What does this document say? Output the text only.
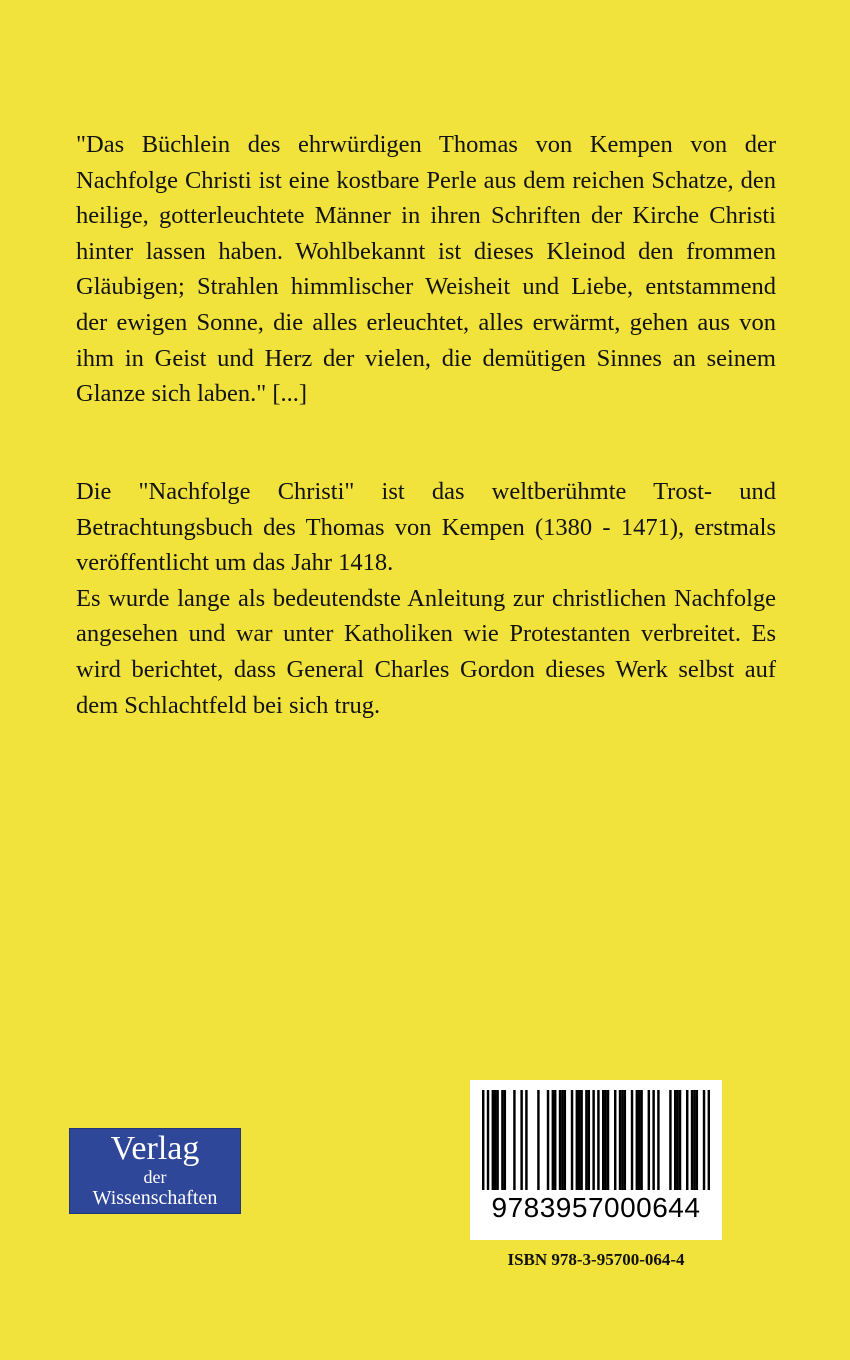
"Das Büchlein des ehrwürdigen Thomas von Kempen von der Nachfolge Christi ist eine kostbare Perle aus dem reichen Schatze, den heilige, gotterleuchtete Männer in ihren Schriften der Kirche Christi hinter lassen haben. Wohlbekannt ist dieses Kleinod den frommen Gläubigen; Strahlen himmlischer Weisheit und Liebe, entstammend der ewigen Sonne, die alles erleuchtet, alles erwärmt, gehen aus von ihm in Geist und Herz der vielen, die demütigen Sinnes an seinem Glanze sich laben." [...]

Die "Nachfolge Christi" ist das weltberühmte Trost- und Betrachtungsbuch des Thomas von Kempen (1380 - 1471), erstmals veröffentlicht um das Jahr 1418.

Es wurde lange als bedeutendste Anleitung zur christlichen Nachfolge angesehen und war unter Katholiken wie Protestanten verbreitet. Es wird berichtet, dass General Charles Gordon dieses Werk selbst auf dem Schlachtfeld bei sich trug.

Verlag
der
Wissenschaften	9783957000644
ISBN 978-3-95700-064-4
